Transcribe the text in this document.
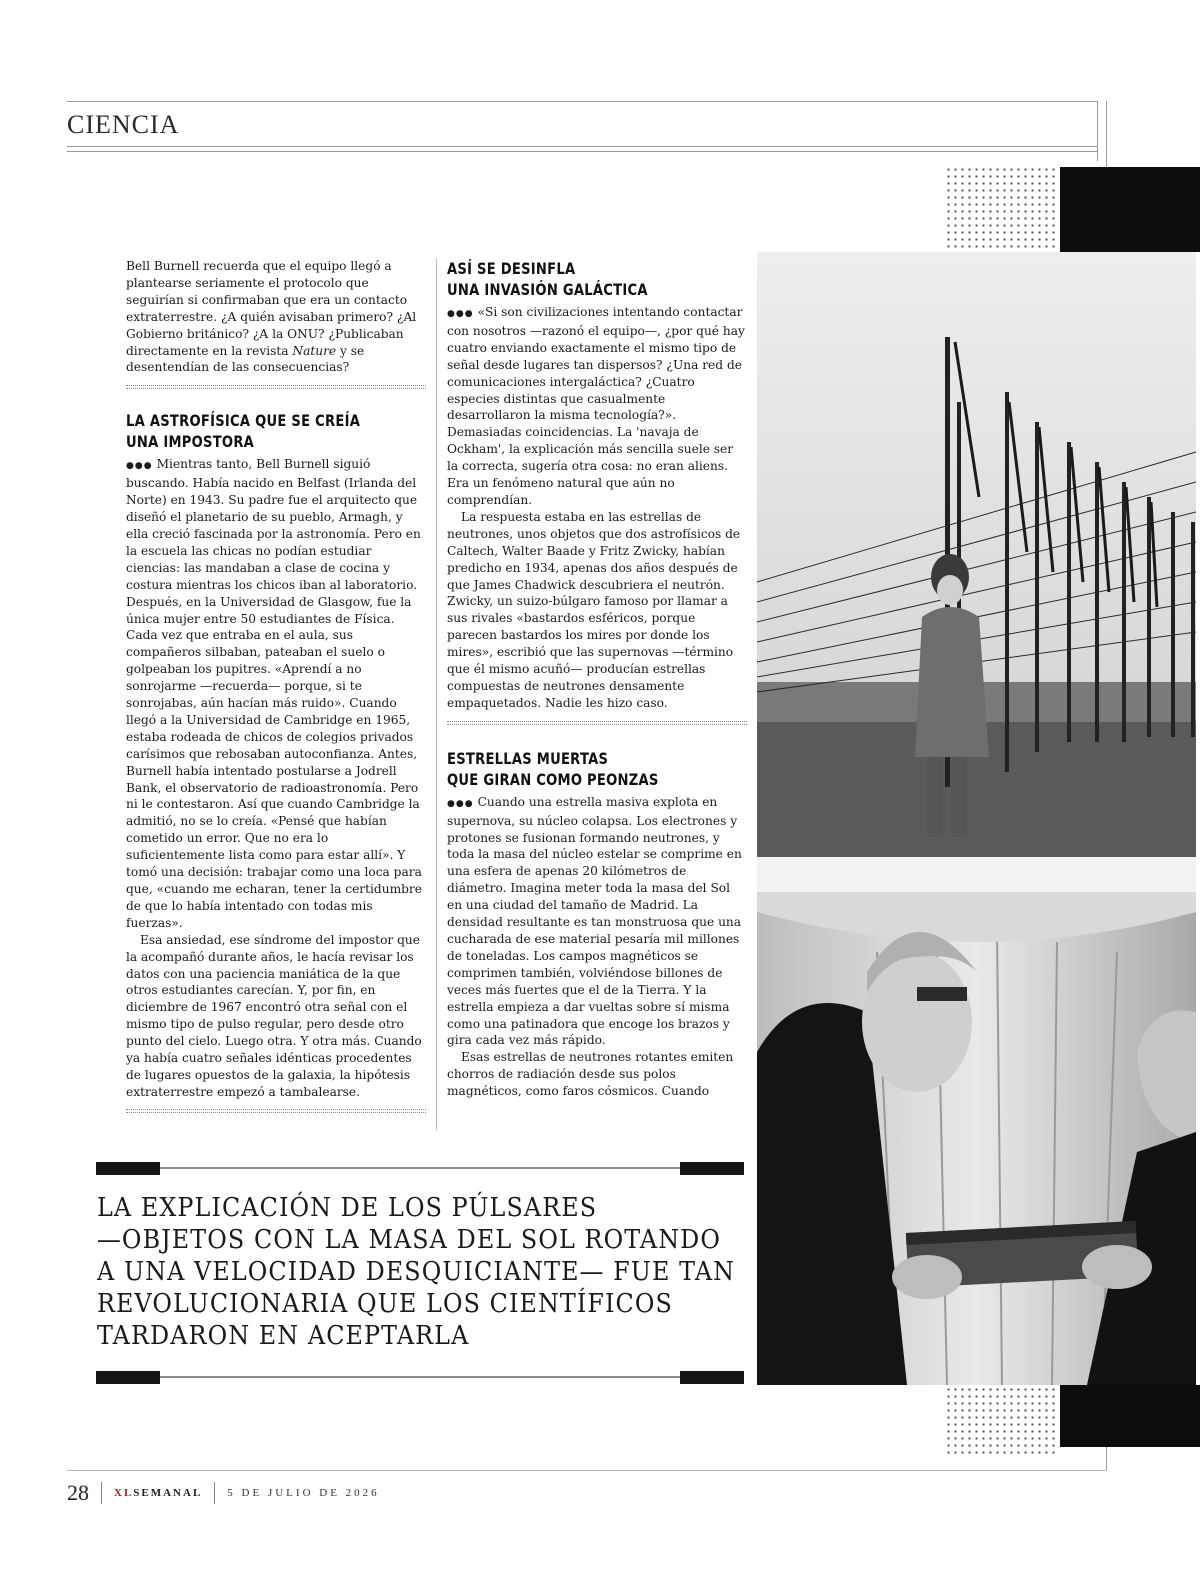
CIENCIA

Bell Burnell recuerda que el equipo llegó a plantearse seriamente el protocolo que seguirían si confirmaban que era un contacto extraterrestre. ¿A quién avisaban primero? ¿Al Gobierno británico? ¿A la ONU? ¿Publicaban directamente en la revista Nature y se desentendían de las consecuencias?

LA ASTROFÍSICA QUE SE CREÍA
UNA IMPOSTORA

●●● Mientras tanto, Bell Burnell siguió buscando. Había nacido en Belfast (Irlanda del Norte) en 1943. Su padre fue el arquitecto que diseñó el planetario de su pueblo, Armagh, y ella creció fascinada por la astronomía. Pero en la escuela las chicas no podían estudiar ciencias: las mandaban a clase de cocina y costura mientras los chicos iban al laboratorio. Después, en la Universidad de Glasgow, fue la única mujer entre 50 estudiantes de Física. Cada vez que entraba en el aula, sus compañeros silbaban, pateaban el suelo o golpeaban los pupitres. «Aprendí a no sonrojarme —recuerda— porque, si te sonrojabas, aún hacían más ruido». Cuando llegó a la Universidad de Cambridge en 1965, estaba rodeada de chicos de colegios privados carísimos que rebosaban autoconfianza. Antes, Burnell había intentado postularse a Jodrell Bank, el observatorio de radioastronomía. Pero ni le contestaron. Así que cuando Cambridge la admitió, no se lo creía. «Pensé que habían cometido un error. Que no era lo suficientemente lista como para estar allí». Y tomó una decisión: trabajar como una loca para que, «cuando me echaran, tener la certidumbre de que lo había intentado con todas mis fuerzas».

Esa ansiedad, ese síndrome del impostor que la acompañó durante años, le hacía revisar los datos con una paciencia maniática de la que otros estudiantes carecían. Y, por fin, en diciembre de 1967 encontró otra señal con el mismo tipo de pulso regular, pero desde otro punto del cielo. Luego otra. Y otra más. Cuando ya había cuatro señales idénticas procedentes de lugares opuestos de la galaxia, la hipótesis extraterrestre empezó a tambalearse.

ASÍ SE DESINFLA
UNA INVASIÓN GALÁCTICA

●●● «Si son civilizaciones intentando contactar con nosotros —razonó el equipo—, ¿por qué hay cuatro enviando exactamente el mismo tipo de señal desde lugares tan dispersos? ¿Una red de comunicaciones intergaláctica? ¿Cuatro especies distintas que casualmente desarrollaron la misma tecnología?». Demasiadas coincidencias. La 'navaja de Ockham', la explicación más sencilla suele ser la correcta, sugería otra cosa: no eran aliens. Era un fenómeno natural que aún no comprendían.

La respuesta estaba en las estrellas de neutrones, unos objetos que dos astrofísicos de Caltech, Walter Baade y Fritz Zwicky, habían predicho en 1934, apenas dos años después de que James Chadwick descubriera el neutrón. Zwicky, un suizo-búlgaro famoso por llamar a sus rivales «bastardos esféricos, porque parecen bastardos los mires por donde los mires», escribió que las supernovas —término que él mismo acuñó— producían estrellas compuestas de neutrones densamente empaquetados. Nadie les hizo caso.

ESTRELLAS MUERTAS
QUE GIRAN COMO PEONZAS

●●● Cuando una estrella masiva explota en supernova, su núcleo colapsa. Los electrones y protones se fusionan formando neutrones, y toda la masa del núcleo estelar se comprime en una esfera de apenas 20 kilómetros de diámetro. Imagina meter toda la masa del Sol en una ciudad del tamaño de Madrid. La densidad resultante es tan monstruosa que una cucharada de ese material pesaría mil millones de toneladas. Los campos magnéticos se comprimen también, volviéndose billones de veces más fuertes que el de la Tierra. Y la estrella empieza a dar vueltas sobre sí misma como una patinadora que encoge los brazos y gira cada vez más rápido.

Esas estrellas de neutrones rotantes emiten chorros de radiación desde sus polos magnéticos, como faros cósmicos. Cuando

LA EXPLICACIÓN DE LOS PÚLSARES
—OBJETOS CON LA MASA DEL SOL ROTANDO
A UNA VELOCIDAD DESQUICIANTE— FUE TAN
REVOLUCIONARIA QUE LOS CIENTÍFICOS
TARDARON EN ACEPTARLA
28 XLSEMANAL 5 DE JULIO DE 2026
